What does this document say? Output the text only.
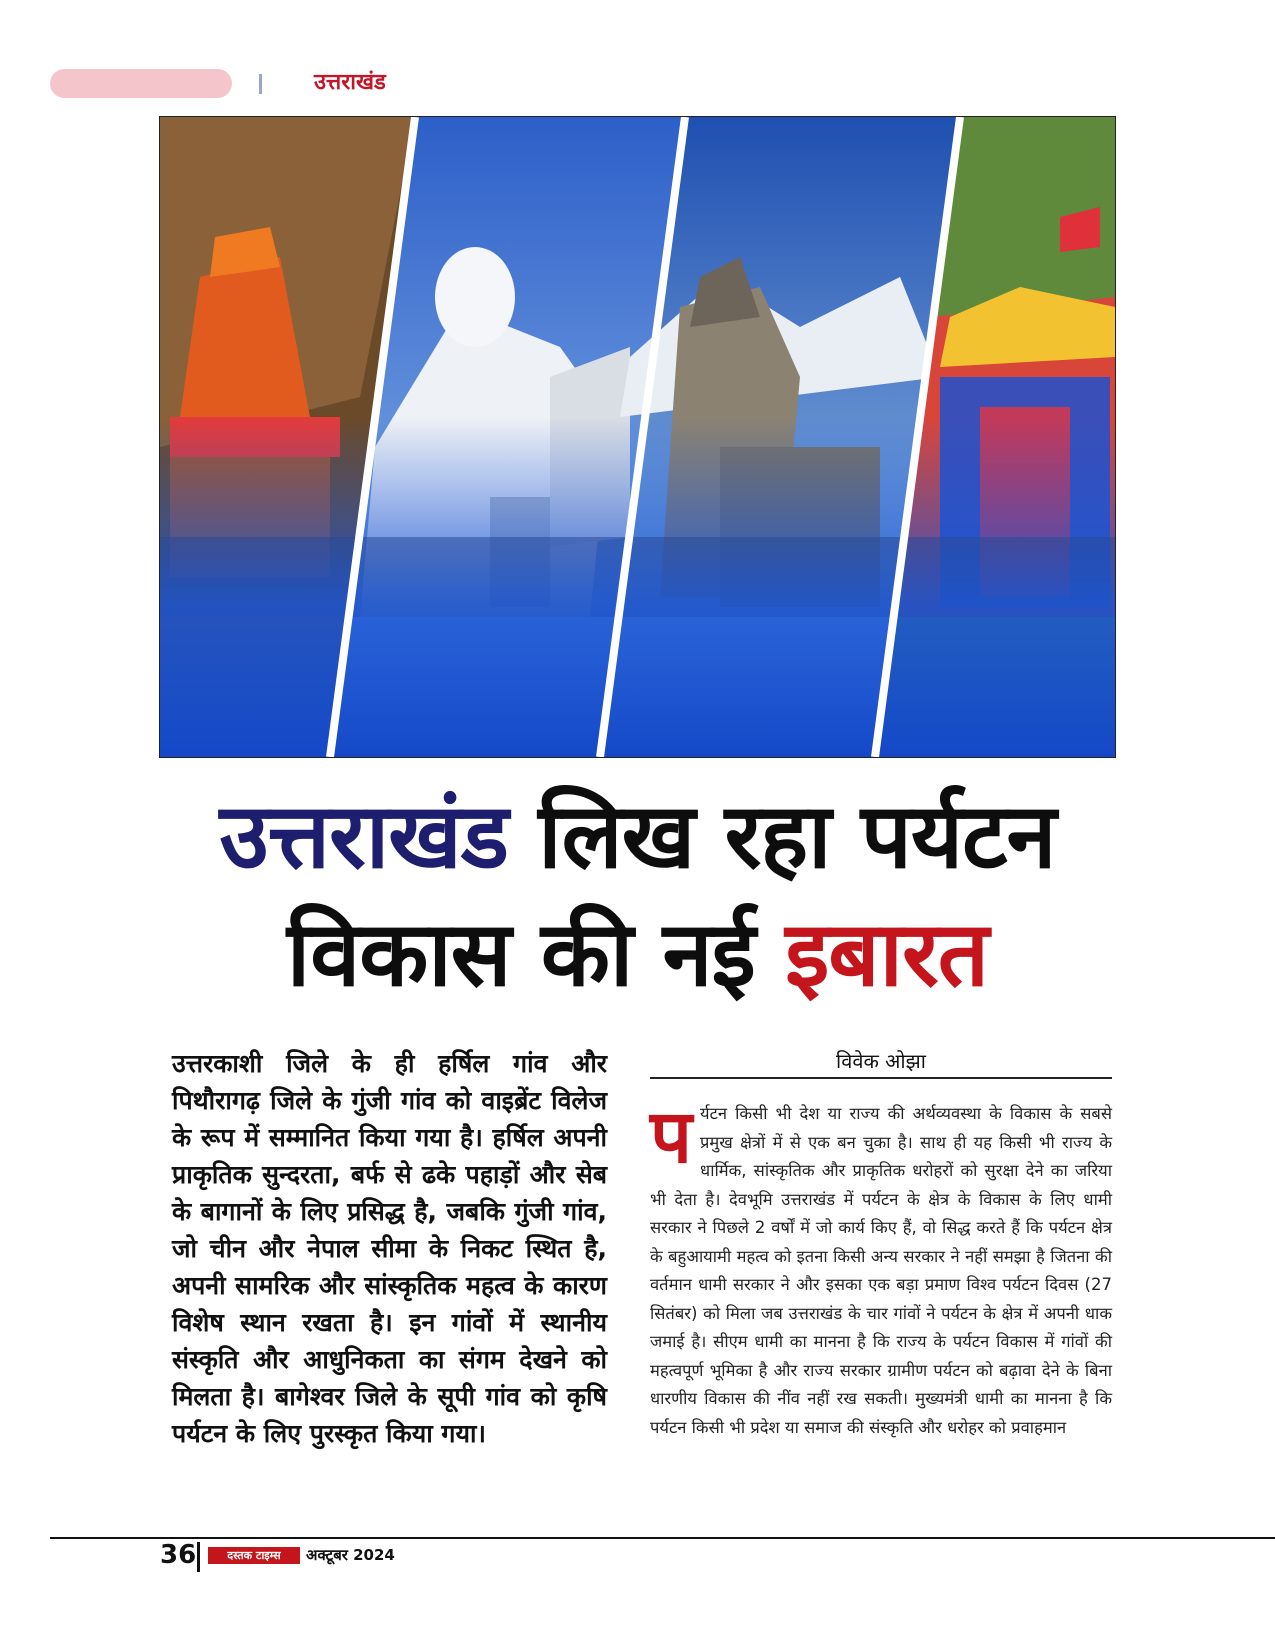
उत्तराखंड
उत्तराखंड लिख रहा पर्यटन
विकास की नई इबारत
उत्तरकाशी जिले के ही हर्षिल गांव और पिथौरागढ़ जिले के गुंजी गांव को वाइब्रेंट विलेज के रूप में सम्मानित किया गया है। हर्षिल अपनी प्राकृतिक सुन्दरता, बर्फ से ढके पहाड़ों और सेब के बागानों के लिए प्रसिद्ध है, जबकि गुंजी गांव, जो चीन और नेपाल सीमा के निकट स्थित है, अपनी सामरिक और सांस्कृतिक महत्व के कारण विशेष स्थान रखता है। इन गांवों में स्थानीय संस्कृति और आधुनिकता का संगम देखने को मिलता है। बागेश्वर जिले के सूपी गांव को कृषि पर्यटन के लिए पुरस्कृत किया गया।
विवेक ओझा
पर्यटन किसी भी देश या राज्य की अर्थव्यवस्था के विकास के सबसे प्रमुख क्षेत्रों में से एक बन चुका है। साथ ही यह किसी भी राज्य के धार्मिक, सांस्कृतिक और प्राकृतिक धरोहरों को सुरक्षा देने का जरिया भी देता है। देवभूमि उत्तराखंड में पर्यटन के क्षेत्र के विकास के लिए धामी सरकार ने पिछले 2 वर्षों में जो कार्य किए हैं, वो सिद्ध करते हैं कि पर्यटन क्षेत्र के बहुआयामी महत्व को इतना किसी अन्य सरकार ने नहीं समझा है जितना की वर्तमान धामी सरकार ने और इसका एक बड़ा प्रमाण विश्व पर्यटन दिवस (27 सितंबर) को मिला जब उत्तराखंड के चार गांवों ने पर्यटन के क्षेत्र में अपनी धाक जमाई है। सीएम धामी का मानना है कि राज्य के पर्यटन विकास में गांवों की महत्वपूर्ण भूमिका है और राज्य सरकार ग्रामीण पर्यटन को बढ़ावा देने के बिना धारणीय विकास की नींव नहीं रख सकती। मुख्यमंत्री धामी का मानना है कि पर्यटन किसी भी प्रदेश या समाज की संस्कृति और धरोहर को प्रवाहमान
36	दस्तक टाइम्स	अक्टूबर 2024
